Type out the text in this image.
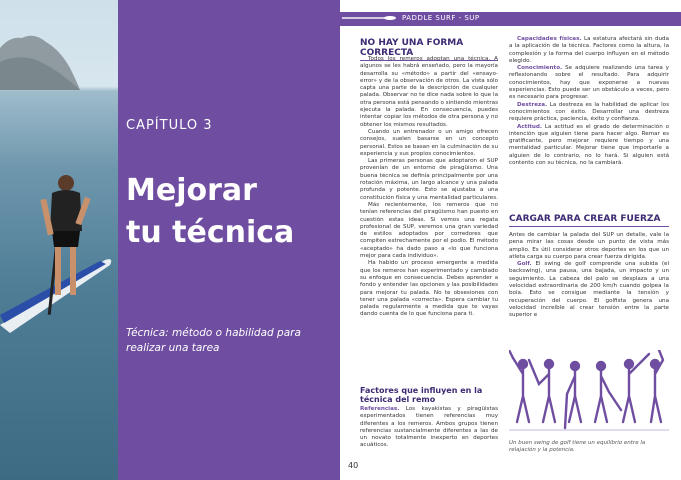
CAPÍTULO 3
Mejorar
tu técnica
Técnica: método o habilidad para realizar una tarea
PADDLE SURF - SUP
NO HAY UNA FORMA CORRECTA

Todos los remeros adoptan una técnica. A algunos se les habrá enseñado, pero la mayoría desarrolla su «método» a partir del «ensayo-error» y de la observación de otros. La vista sólo capta una parte de la descripción de cualquier palada. Observar no te dice nada sobre lo que la otra persona está pensando o sintiendo mientras ejecuta la palada. En consecuencia, puedes intentar copiar los métodos de otra persona y no obtener los mismos resultados.

Cuando un entrenador o un amigo ofrecen consejos, suelen basarse en un concepto personal. Estos se basan en la culminación de su experiencia y sus propios conocimientos.

Las primeras personas que adoptaron el SUP provenían de un entorno de piragüismo. Una buena técnica se definía principalmente por una rotación máxima, un largo alcance y una palada profunda y potente. Esto se ajustaba a una constitución física y una mentalidad particulares.

Más recientemente, los remeros que no tenían referencias del piragüismo han puesto en cuestión estas ideas. Si vemos una regata profesional de SUP, veremos una gran variedad de estilos adoptados por corredores que compiten estrechamente por el podio. El método «aceptado» ha dado paso a «lo que funciona mejor para cada individuo».

Ha habido un proceso emergente a medida que los remeros han experimentado y cambiado su enfoque en consecuencia. Debes aprender a fondo y entender las opciones y las posibilidades para mejorar tu palada. No te obsesiones con tener una palada «correcta». Espera cambiar tu palada regularmente a medida que te vayas dando cuenta de lo que funciona para ti.

Factores que influyen en la técnica del remo

Referencias. Los kayakistas y piragüistas experimentados tienen referencias muy diferentes a los remeros. Ambos grupos tienen referencias sustancialmente diferentes a las de un novato totalmente inexperto en deportes acuáticos.

Capacidades físicas. La estatura afectará sin duda a la aplicación de la técnica. Factores como la altura, la complexión y la forma del cuerpo influyen en el método elegido.

Conocimiento. Se adquiere realizando una tarea y reflexionando sobre el resultado. Para adquirir conocimientos, hay que exponerse a nuevas experiencias. Esto puede ser un obstáculo a veces, pero es necesario para progresar.

Destreza. La destreza es la habilidad de aplicar los conocimientos con éxito. Desarrollar una destreza requiere práctica, paciencia, éxito y confianza.

Actitud. La actitud es el grado de determinación o intención que alguien tiene para hacer algo. Remar es gratificante, pero mejorar requiere tiempo y una mentalidad particular. Mejorar tiene que importarle a alguien de lo contrario, no lo hará. Si alguien está contento con su técnica, no la cambiará.

CARGAR PARA CREAR FUERZA

Antes de cambiar la palada del SUP un detalle, vale la pena mirar las cosas desde un punto de vista más amplio. Es útil considerar otros deportes en los que un atleta carga su cuerpo para crear fuerza dirigida.

Golf. El swing de golf comprende una subida (el backswing), una pausa, una bajada, un impacto y un seguimiento. La cabeza del palo se desplaza a una velocidad extraordinaria de 200 km/h cuando golpea la bola. Esto se consigue mediante la tensión y recuperación del cuerpo. El golfista genera una velocidad increíble al crear tensión entre la parte superior e

Un buen swing de golf tiene un equilibrio entre la relajación y la potencia.
40
